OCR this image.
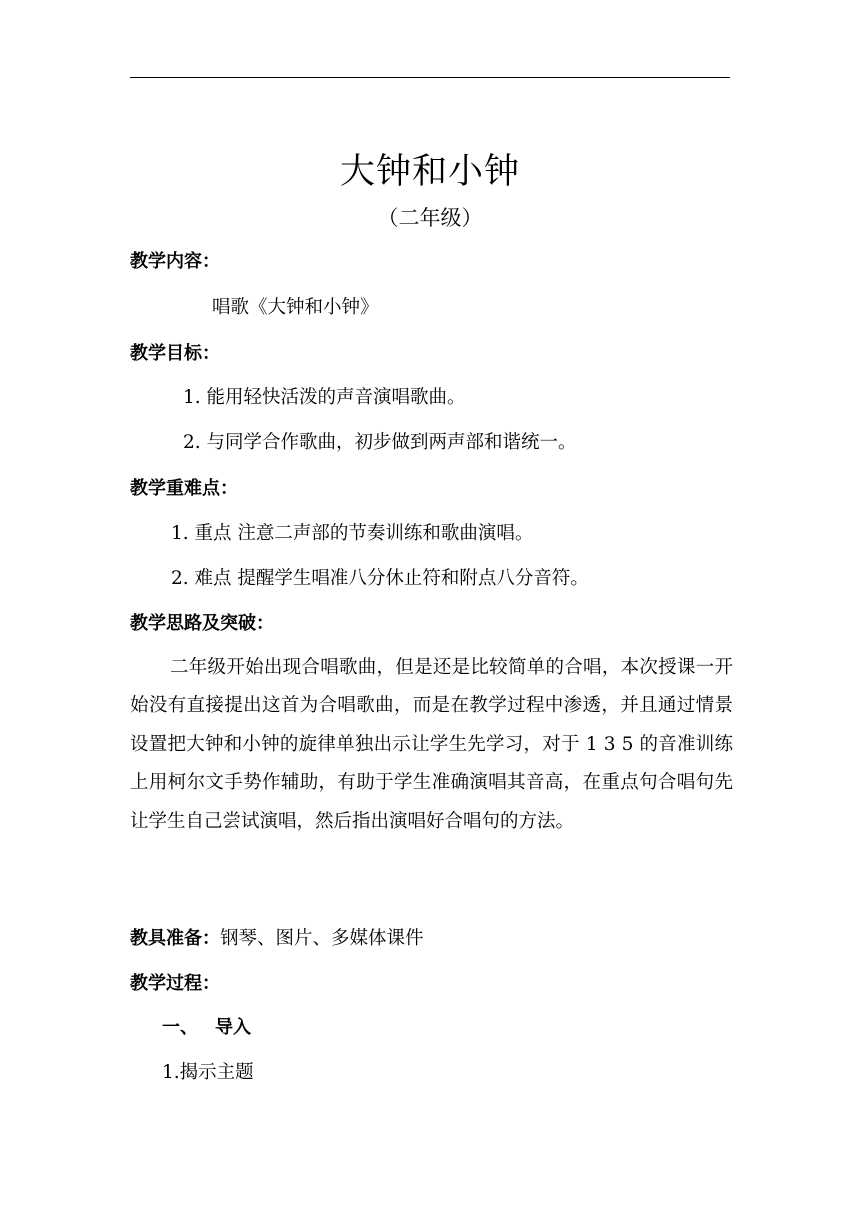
大钟和小钟
（二年级）
教学内容：
唱歌《大钟和小钟》
教学目标：
1. 能用轻快活泼的声音演唱歌曲。
2. 与同学合作歌曲，初步做到两声部和谐统一。
教学重难点：
1. 重点 注意二声部的节奏训练和歌曲演唱。
2. 难点 提醒学生唱准八分休止符和附点八分音符。
教学思路及突破：
二年级开始出现合唱歌曲，但是还是比较简单的合唱，本次授课一开始没有直接提出这首为合唱歌曲，而是在教学过程中渗透，并且通过情景设置把大钟和小钟的旋律单独出示让学生先学习，对于 1 3 5 的音准训练上用柯尔文手势作辅助，有助于学生准确演唱其音高，在重点句合唱句先让学生自己尝试演唱，然后指出演唱好合唱句的方法。
教具准备：钢琴、图片、多媒体课件
教学过程：
一、 导入
1.揭示主题
